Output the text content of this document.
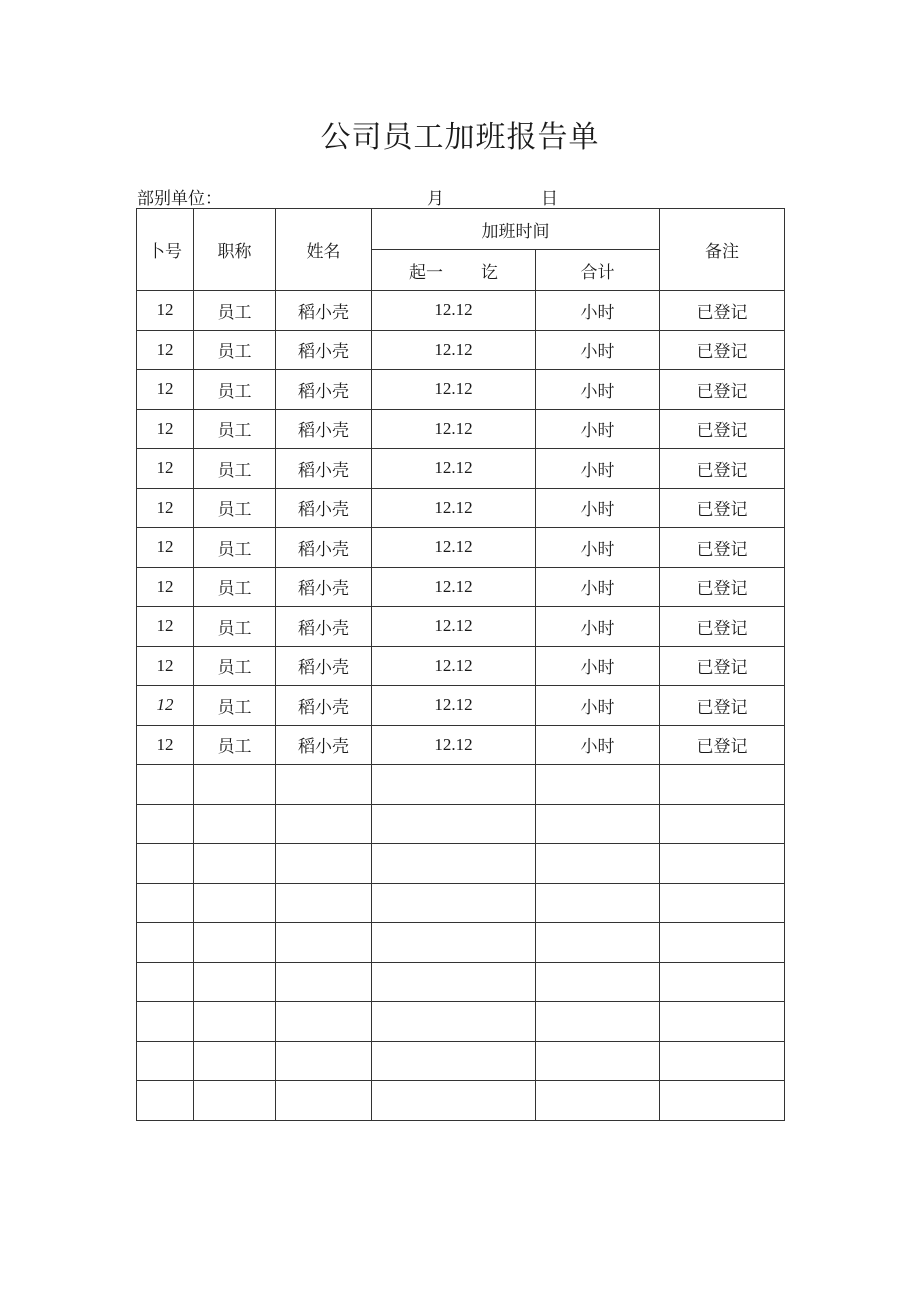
公司员工加班报告单
部别单位：	月	日
卜号	职称	姓名	加班时间		备注
			起一 讫	合计	
12	员工	稻小壳	12.12	小时	已登记
12	员工	稻小壳	12.12	小时	已登记
12	员工	稻小壳	12.12	小时	已登记
12	员工	稻小壳	12.12	小时	已登记
12	员工	稻小壳	12.12	小时	已登记
12	员工	稻小壳	12.12	小时	已登记
12	员工	稻小壳	12.12	小时	已登记
12	员工	稻小壳	12.12	小时	已登记
12	员工	稻小壳	12.12	小时	已登记
12	员工	稻小壳	12.12	小时	已登记
12	员工	稻小壳	12.12	小时	已登记
12	员工	稻小壳	12.12	小时	已登记
